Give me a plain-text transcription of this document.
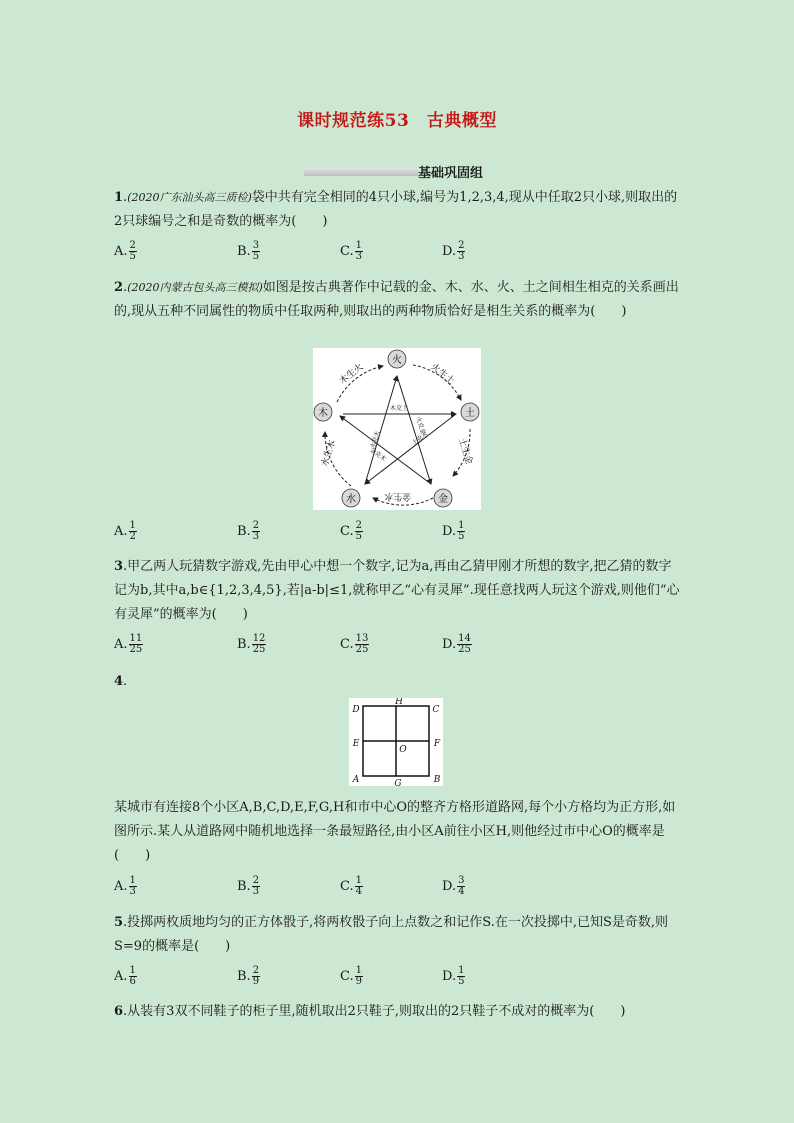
课时规范练53　古典概型
基础巩固组
1.(2020广东汕头高三质检)袋中共有完全相同的4只小球,编号为1,2,3,4,现从中任取2只小球,则取出的2只球编号之和是奇数的概率为(　　)
A. $\frac{2}{5}$	B. $\frac{3}{5}$	C. $\frac{1}{3}$	D. $\frac{2}{3}$
2.(2020内蒙古包头高三模拟)如图是按古典著作中记载的金、木、水、火、土之间相生相克的关系画出的,现从五种不同属性的物质中任取两种,则取出的两种物质恰好是相生关系的概率为(　　)
火
土
金
水
木
木生火	火生土
土生金
金生水
水生木
木克土
土克水
水克火
火克金
金克木
A. $\frac{1}{2}$	B. $\frac{2}{3}$	C. $\frac{2}{5}$	D. $\frac{1}{5}$
3.甲乙两人玩猜数字游戏,先由甲心中想一个数字,记为a,再由乙猜甲刚才所想的数字,把乙猜的数字记为b,其中a,b∈{1,2,3,4,5},若|a-b|≤1,就称甲乙“心有灵犀”.现任意找两人玩这个游戏,则他们“心有灵犀”的概率为(　　)
A. $\frac{11}{25}$	B. $\frac{12}{25}$	C. $\frac{13}{25}$	D. $\frac{14}{25}$
4.
D
H
C
E
O
F
A	G	B
某城市有连接8个小区A,B,C,D,E,F,G,H和市中心O的整齐方格形道路网,每个小方格均为正方形,如图所示.某人从道路网中随机地选择一条最短路径,由小区A前往小区H,则他经过市中心O的概率是(　　)
A. $\frac{1}{3}$	B. $\frac{2}{3}$	C. $\frac{1}{4}$	D. $\frac{3}{4}$
5.投掷两枚质地均匀的正方体骰子,将两枚骰子向上点数之和记作S.在一次投掷中,已知S是奇数,则S=9的概率是(　　)
A. $\frac{1}{6}$	B. $\frac{2}{9}$	C. $\frac{1}{9}$	D. $\frac{1}{5}$
6.从装有3双不同鞋子的柜子里,随机取出2只鞋子,则取出的2只鞋子不成对的概率为(　　)
